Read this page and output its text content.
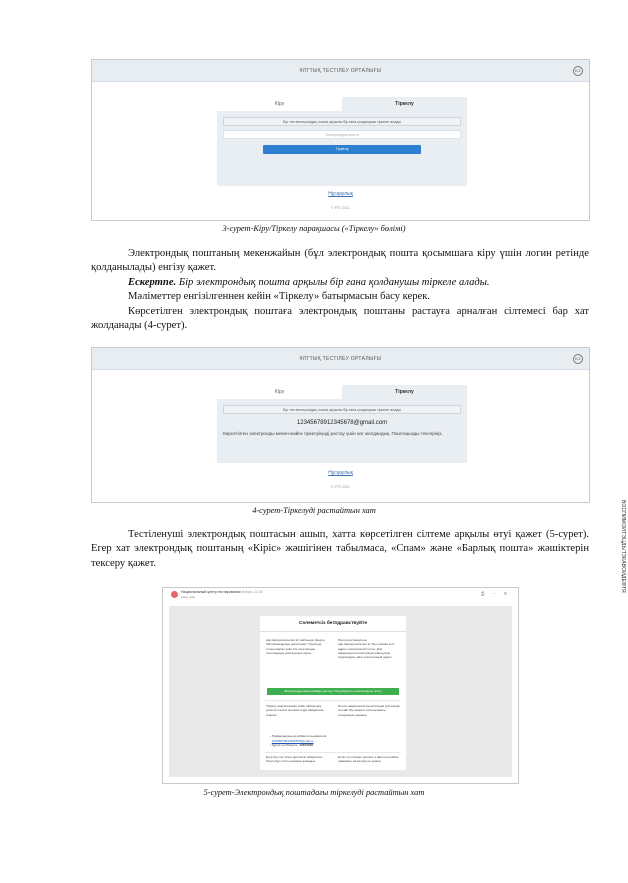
ҰЛТТЫҚ ТЕСТІЛЕУ ОРТАЛЫҒЫ	KZ
Кіру	Тіркелу
Бір тек электрондық пошта арқылы бір ғана қолданушы тіркеле алады
Электрондық пошта
Тіркелу
Нұсқаулық
© ҰТО 2021
3-сурет-Кіру/Тіркелу парақшасы («Тіркелу» бөлімі)
Электрондық поштаның мекенжайын (бұл электрондық пошта қосымшаға кіру үшін логин ретінде қолданылады) енгізу қажет.
Ескертпе. Бір электрондық пошта арқылы бір ғана қолданушы тіркеле алады.
Мәліметтер енгізілгеннен кейін «Тіркелу» батырмасын басу керек.
Көрсетілген электрондық поштаға электрондық поштаны растауға арналған сілтемесі бар хат жолданады (4-сурет).
ҰЛТТЫҚ ТЕСТІЛЕУ ОРТАЛЫҒЫ	KZ
Кіру	Тіркелу
Бір тек электрондық пошта арқылы бір ғана қолданушы тіркеле алады
12345678912345678@gmail.com
Көрсетілген электронды мекен-жайға тіркелуіңізді растау үшін хат жолдандық. Поштаңызды тексеріңіз.
Нұсқаулық
© ҰТО 2021
4-сурет-Тіркелуді растайтын хат
Тестіленуші электрондық поштасын ашып, хатта көрсетілген сілтеме арқылы өтуі қажет (5-сурет). Егер хат электрондық поштаның «Кіріс» жәшігінен табылмаса, «Спам» және «Барлық пошта» жәшіктерін тексеру қажет.
Национальный центр тестирования Вчера, 11:28
Кому: вам
⎙ ⋯ ✕
Сәлеметсіз бе!Здравствуйте
app.debug.testcenter.kz сайтында тіркеле бастағаныңызды көрсетеміз. Тіркелуді толық аяқтау үшін Сіз электронды поштаңызды растауыңыз керек.
При регистрации на app.debug.testcenter.kz был указан этот адрес электронной почты. Для завершения регистрации вам нужно подтвердить ваш электронный адрес.
Электронды мекен-жайды растау / Подтвердить электронную почту
Тіркелу аяқталғаннан кейін сайтқа кіру үшін Сіз келесі мәліметтерді пайдалана аласыз:
После завершения регистрации для входа на сайт Вы можете использовать следующие данные:
• Пайдаланушы аты/Имя пользователя:
12345678912345678@mail.ru
• Құпия сөз/Пароль: 42873948
Егер бұл хат Сізге қателесіп жіберілген болса бұл хатты назарға алмаңыз.
Если это письмо пришло к вам по ошибке, нажимать на кнопку не нужно.
5-сурет-Электрондық поштадағы тіркелуді растайтын хат
ВОСПИМОИТЭЦДЬ/ТЗКАВОИДЕФТЯ
